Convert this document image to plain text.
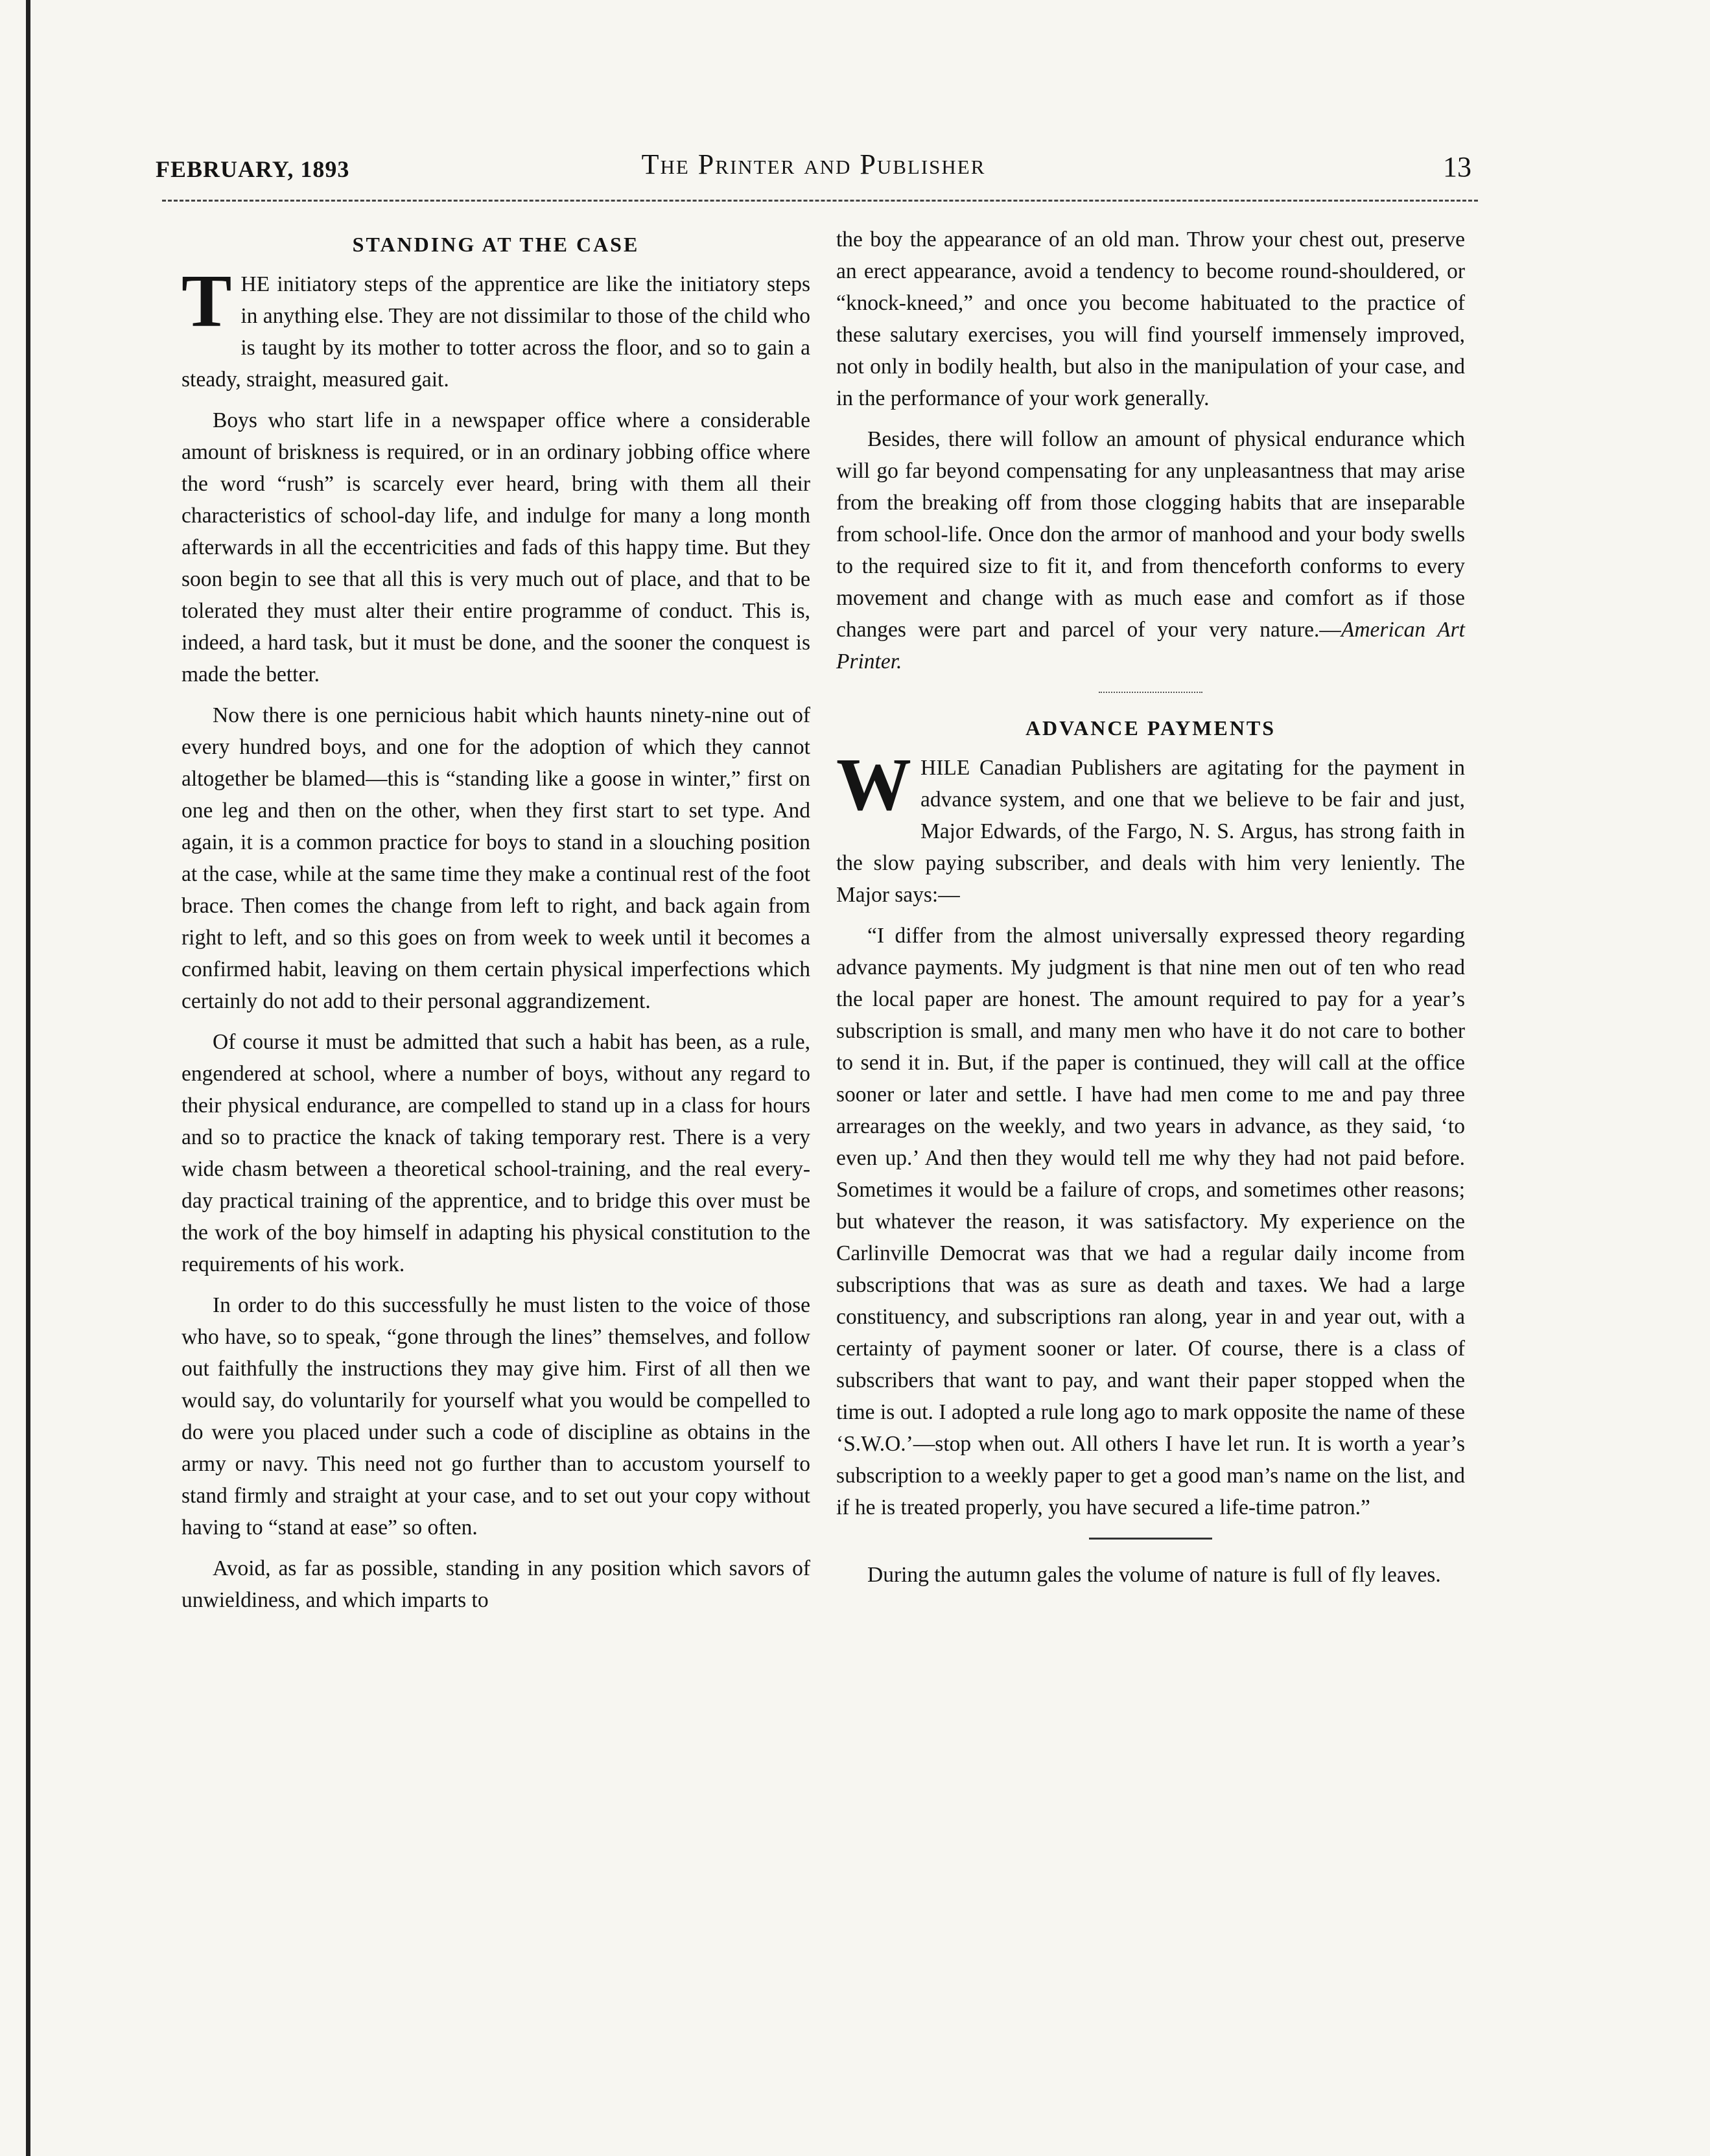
FEBRUARY, 1893	The Printer and Publisher	13
STANDING AT THE CASE

THE initiatory steps of the apprentice are like the initiatory steps in anything else. They are not dissimilar to those of the child who is taught by its mother to totter across the floor, and so to gain a steady, straight, measured gait.

Boys who start life in a newspaper office where a considerable amount of briskness is required, or in an ordinary jobbing office where the word “rush” is scarcely ever heard, bring with them all their characteristics of school-day life, and indulge for many a long month afterwards in all the eccentricities and fads of this happy time. But they soon begin to see that all this is very much out of place, and that to be tolerated they must alter their entire programme of conduct. This is, indeed, a hard task, but it must be done, and the sooner the conquest is made the better.

Now there is one pernicious habit which haunts ninety-nine out of every hundred boys, and one for the adoption of which they cannot altogether be blamed—this is “standing like a goose in winter,” first on one leg and then on the other, when they first start to set type. And again, it is a common practice for boys to stand in a slouching position at the case, while at the same time they make a continual rest of the foot brace. Then comes the change from left to right, and back again from right to left, and so this goes on from week to week until it becomes a confirmed habit, leaving on them certain physical imperfections which certainly do not add to their personal aggrandizement.

Of course it must be admitted that such a habit has been, as a rule, engendered at school, where a number of boys, without any regard to their physical endurance, are compelled to stand up in a class for hours and so to practice the knack of taking temporary rest. There is a very wide chasm between a theoretical school-training, and the real every-day practical training of the apprentice, and to bridge this over must be the work of the boy himself in adapting his physical constitution to the requirements of his work.

In order to do this successfully he must listen to the voice of those who have, so to speak, “gone through the lines” themselves, and follow out faithfully the instructions they may give him. First of all then we would say, do voluntarily for yourself what you would be compelled to do were you placed under such a code of discipline as obtains in the army or navy. This need not go further than to accustom yourself to stand firmly and straight at your case, and to set out your copy without having to “stand at ease” so often.

Avoid, as far as possible, standing in any position which savors of unwieldiness, and which imparts to

the boy the appearance of an old man. Throw your chest out, preserve an erect appearance, avoid a tendency to become round-shouldered, or “knock-kneed,” and once you become habituated to the practice of these salutary exercises, you will find yourself immensely improved, not only in bodily health, but also in the manipulation of your case, and in the performance of your work generally.

Besides, there will follow an amount of physical endurance which will go far beyond compensating for any unpleasantness that may arise from the breaking off from those clogging habits that are inseparable from school-life. Once don the armor of manhood and your body swells to the required size to fit it, and from thenceforth conforms to every movement and change with as much ease and comfort as if those changes were part and parcel of your very nature.—American Art Printer.

ADVANCE PAYMENTS

WHILE Canadian Publishers are agitating for the payment in advance system, and one that we believe to be fair and just, Major Edwards, of the Fargo, N. S. Argus, has strong faith in the slow paying subscriber, and deals with him very leniently. The Major says:—

“I differ from the almost universally expressed theory regarding advance payments. My judgment is that nine men out of ten who read the local paper are honest. The amount required to pay for a year’s subscription is small, and many men who have it do not care to bother to send it in. But, if the paper is continued, they will call at the office sooner or later and settle. I have had men come to me and pay three arrearages on the weekly, and two years in advance, as they said, ‘to even up.’ And then they would tell me why they had not paid before. Sometimes it would be a failure of crops, and sometimes other reasons; but whatever the reason, it was satisfactory. My experience on the Carlinville Democrat was that we had a regular daily income from subscriptions that was as sure as death and taxes. We had a large constituency, and subscriptions ran along, year in and year out, with a certainty of payment sooner or later. Of course, there is a class of subscribers that want to pay, and want their paper stopped when the time is out. I adopted a rule long ago to mark opposite the name of these ‘S.W.O.’—stop when out. All others I have let run. It is worth a year’s subscription to a weekly paper to get a good man’s name on the list, and if he is treated properly, you have secured a life-time patron.”

During the autumn gales the volume of nature is full of fly leaves.
